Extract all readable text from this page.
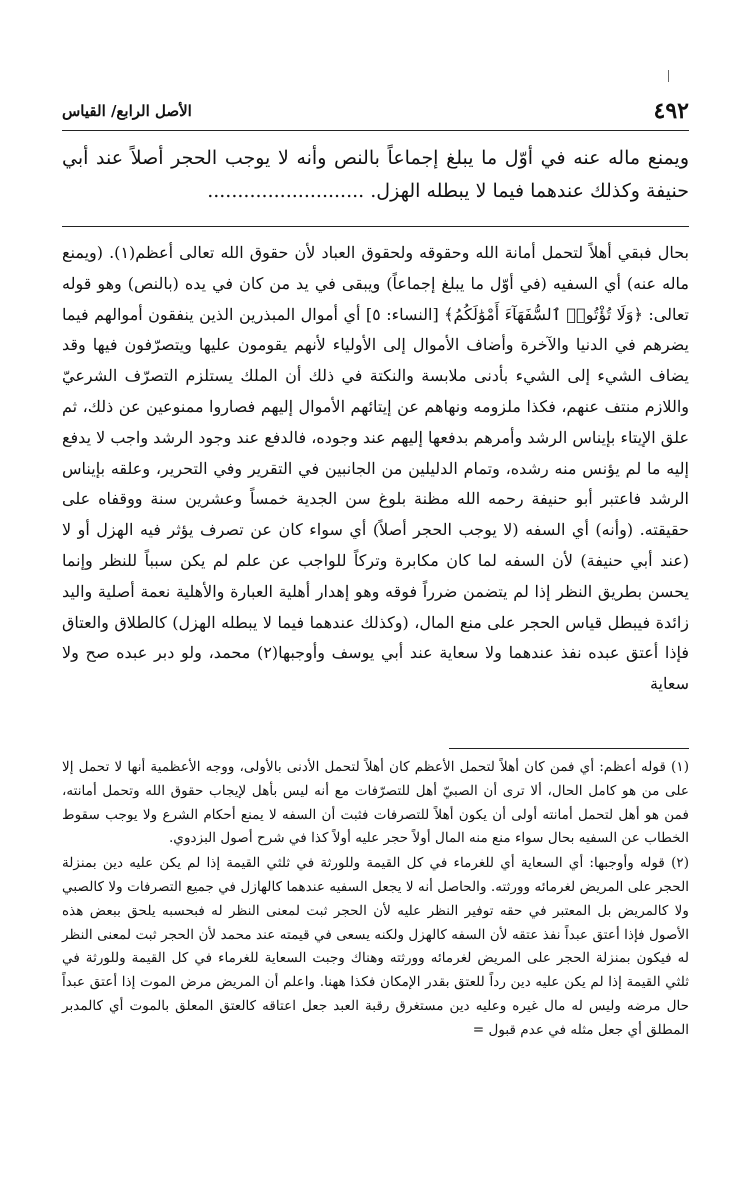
٤٩٢
الأصل الرابع/ القياس

ويمنع ماله عنه في أوّل ما يبلغ إجماعاً بالنص وأنه لا يوجب الحجر أصلاً عند أبي حنيفة وكذلك عندهما فيما لا يبطله الهزل. ..........................

بحال فبقي أهلاً لتحمل أمانة الله وحقوقه ولحقوق العباد لأن حقوق الله تعالى أعظم(١). (ويمنع ماله عنه) أي السفيه (في أوّل ما يبلغ إجماعاً) ويبقى في يد من كان في يده (بالنص) وهو قوله تعالى: ﴿وَلَا تُؤْتُوا۟ ٱلسُّفَهَآءَ أَمْوَٰلَكُمُ﴾ [النساء: ٥] أي أموال المبذرين الذين ينفقون أموالهم فيما يضرهم في الدنيا والآخرة وأضاف الأموال إلى الأولياء لأنهم يقومون عليها ويتصرّفون فيها وقد يضاف الشيء إلى الشيء بأدنى ملابسة والنكتة في ذلك أن الملك يستلزم التصرّف الشرعيّ واللازم منتف عنهم، فكذا ملزومه ونهاهم عن إيتائهم الأموال إليهم فصاروا ممنوعين عن ذلك، ثم علق الإيتاء بإيناس الرشد وأمرهم بدفعها إليهم عند وجوده، فالدفع عند وجود الرشد واجب لا يدفع إليه ما لم يؤنس منه رشده، وتمام الدليلين من الجانبين في التقرير وفي التحرير، وعلقه بإيناس الرشد فاعتبر أبو حنيفة رحمه الله مظنة بلوغ سن الجدية خمساً وعشرين سنة ووقفاه على حقيقته. (وأنه) أي السفه (لا يوجب الحجر أصلاً) أي سواء كان عن تصرف يؤثر فيه الهزل أو لا (عند أبي حنيفة) لأن السفه لما كان مكابرة وتركاً للواجب عن علم لم يكن سبباً للنظر وإنما يحسن بطريق النظر إذا لم يتضمن ضرراً فوقه وهو إهدار أهلية العبارة والأهلية نعمة أصلية واليد زائدة فيبطل قياس الحجر على منع المال، (وكذلك عندهما فيما لا يبطله الهزل) كالطلاق والعتاق فإذا أعتق عبده نفذ عندهما ولا سعاية عند أبي يوسف وأوجبها(٢) محمد، ولو دبر عبده صح ولا سعاية

(١) قوله أعظم: أي فمن كان أهلاً لتحمل الأعظم كان أهلاً لتحمل الأدنى بالأولى، ووجه الأعظمية أنها لا تحمل إلا على من هو كامل الحال، ألا ترى أن الصبيّ أهل للتصرّفات مع أنه ليس بأهل لإيجاب حقوق الله وتحمل أمانته، فمن هو أهل لتحمل أمانته أولى أن يكون أهلاً للتصرفات فثبت أن السفه لا يمنع أحكام الشرع ولا يوجب سقوط الخطاب عن السفيه بحال سواء منع منه المال أولاً حجر عليه أولاً كذا في شرح أصول البزدوي.

(٢) قوله وأوجبها: أي السعاية أي للغرماء في كل القيمة وللورثة في ثلثي القيمة إذا لم يكن عليه دين بمنزلة الحجر على المريض لغرمائه وورثته. والحاصل أنه لا يجعل السفيه عندهما كالهازل في جميع التصرفات ولا كالصبي ولا كالمريض بل المعتبر في حقه توفير النظر عليه لأن الحجر ثبت لمعنى النظر له فبحسبه يلحق ببعض هذه الأصول فإذا أعتق عبداً نفذ عتقه لأن السفه كالهزل ولكنه يسعى في قيمته عند محمد لأن الحجر ثبت لمعنى النظر له فيكون بمنزلة الحجر على المريض لغرمائه وورثته وهناك وجبت السعاية للغرماء في كل القيمة وللورثة في ثلثي القيمة إذا لم يكن عليه دين رداً للعتق بقدر الإمكان فكذا ههنا. واعلم أن المريض مرض الموت إذا أعتق عبداً حال مرضه وليس له مال غيره وعليه دين مستغرق رقبة العبد جعل اعتاقه كالعتق المعلق بالموت أي كالمدبر المطلق أي جعل مثله في عدم قبول =
